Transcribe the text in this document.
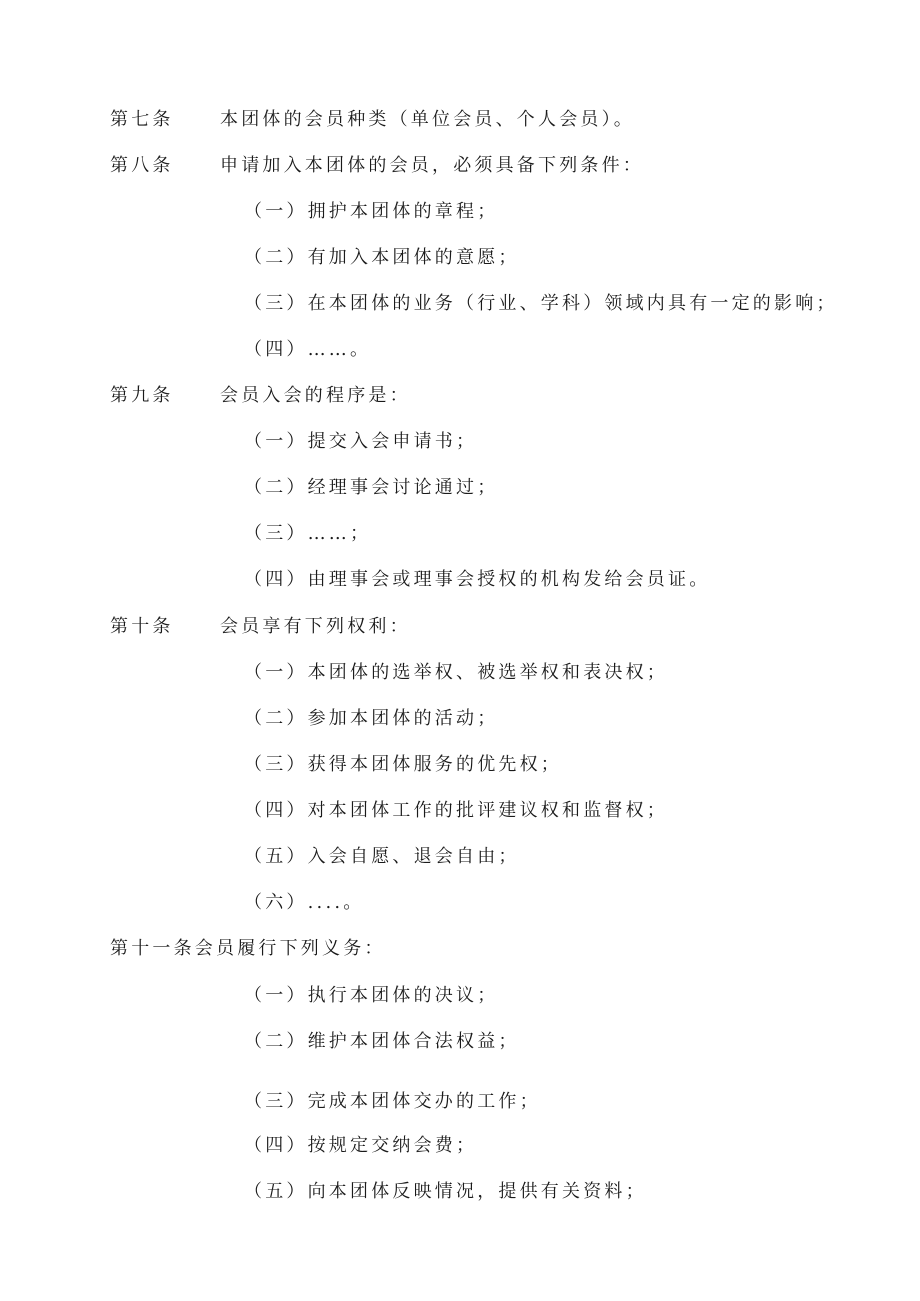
第七条	本团体的会员种类（单位会员、个人会员）。
第八条	申请加入本团体的会员，必须具备下列条件：
（一）拥护本团体的章程；
（二）有加入本团体的意愿；
（三）在本团体的业务（行业、学科）领域内具有一定的影响；
（四）……。
第九条	会员入会的程序是：
（一）提交入会申请书；
（二）经理事会讨论通过；
（三）……；
（四）由理事会或理事会授权的机构发给会员证。
第十条	会员享有下列权利：
（一）本团体的选举权、被选举权和表决权；
（二）参加本团体的活动；
（三）获得本团体服务的优先权；
（四）对本团体工作的批评建议权和监督权；
（五）入会自愿、退会自由；
（六）....。
第十一条会员履行下列义务：
（一）执行本团体的决议；
（二）维护本团体合法权益；
（三）完成本团体交办的工作；
（四）按规定交纳会费；
（五）向本团体反映情况，提供有关资料；
